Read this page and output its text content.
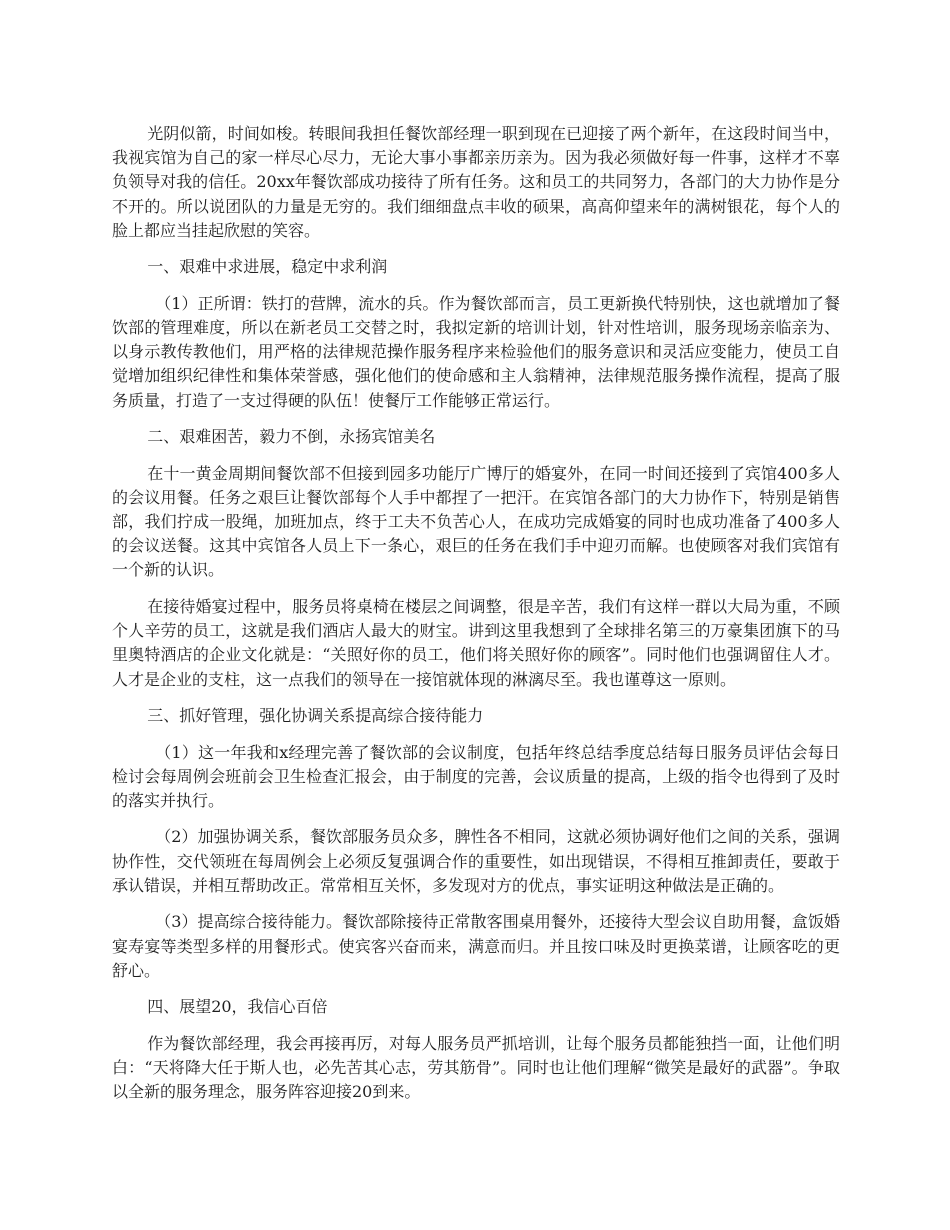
光阴似箭，时间如梭。转眼间我担任餐饮部经理一职到现在已迎接了两个新年，在这段时间当中，我视宾馆为自己的家一样尽心尽力，无论大事小事都亲历亲为。因为我必须做好每一件事，这样才不辜负领导对我的信任。20xx年餐饮部成功接待了所有任务。这和员工的共同努力，各部门的大力协作是分不开的。所以说团队的力量是无穷的。我们细细盘点丰收的硕果，高高仰望来年的满树银花，每个人的脸上都应当挂起欣慰的笑容。

一、艰难中求进展，稳定中求利润

（1）正所谓：铁打的营牌，流水的兵。作为餐饮部而言，员工更新换代特别快，这也就增加了餐饮部的管理难度，所以在新老员工交替之时，我拟定新的培训计划，针对性培训，服务现场亲临亲为、以身示教传教他们，用严格的法律规范操作服务程序来检验他们的服务意识和灵活应变能力，使员工自觉增加组织纪律性和集体荣誉感，强化他们的使命感和主人翁精神，法律规范服务操作流程，提高了服务质量，打造了一支过得硬的队伍！使餐厅工作能够正常运行。

二、艰难困苦，毅力不倒，永扬宾馆美名

在十一黄金周期间餐饮部不但接到园多功能厅广博厅的婚宴外，在同一时间还接到了宾馆400多人的会议用餐。任务之艰巨让餐饮部每个人手中都捏了一把汗。在宾馆各部门的大力协作下，特别是销售部，我们拧成一股绳，加班加点，终于工夫不负苦心人，在成功完成婚宴的同时也成功准备了400多人的会议送餐。这其中宾馆各人员上下一条心，艰巨的任务在我们手中迎刃而解。也使顾客对我们宾馆有一个新的认识。

在接待婚宴过程中，服务员将桌椅在楼层之间调整，很是辛苦，我们有这样一群以大局为重，不顾个人辛劳的员工，这就是我们酒店人最大的财宝。讲到这里我想到了全球排名第三的万豪集团旗下的马里奥特酒店的企业文化就是：“关照好你的员工，他们将关照好你的顾客”。同时他们也强调留住人才。人才是企业的支柱，这一点我们的领导在一接馆就体现的淋漓尽至。我也谨尊这一原则。

三、抓好管理，强化协调关系提高综合接待能力

（1）这一年我和x经理完善了餐饮部的会议制度，包括年终总结季度总结每日服务员评估会每日检讨会每周例会班前会卫生检查汇报会，由于制度的完善，会议质量的提高，上级的指令也得到了及时的落实并执行。

（2）加强协调关系，餐饮部服务员众多，脾性各不相同，这就必须协调好他们之间的关系，强调协作性，交代领班在每周例会上必须反复强调合作的重要性，如出现错误，不得相互推卸责任，要敢于承认错误，并相互帮助改正。常常相互关怀，多发现对方的优点，事实证明这种做法是正确的。

（3）提高综合接待能力。餐饮部除接待正常散客围桌用餐外，还接待大型会议自助用餐，盒饭婚宴寿宴等类型多样的用餐形式。使宾客兴奋而来，满意而归。并且按口味及时更换菜谱，让顾客吃的更舒心。

四、展望20，我信心百倍

作为餐饮部经理，我会再接再厉，对每人服务员严抓培训，让每个服务员都能独挡一面，让他们明白：“天将降大任于斯人也，必先苦其心志，劳其筋骨”。同时也让他们理解“微笑是最好的武器”。争取以全新的服务理念，服务阵容迎接20到来。
